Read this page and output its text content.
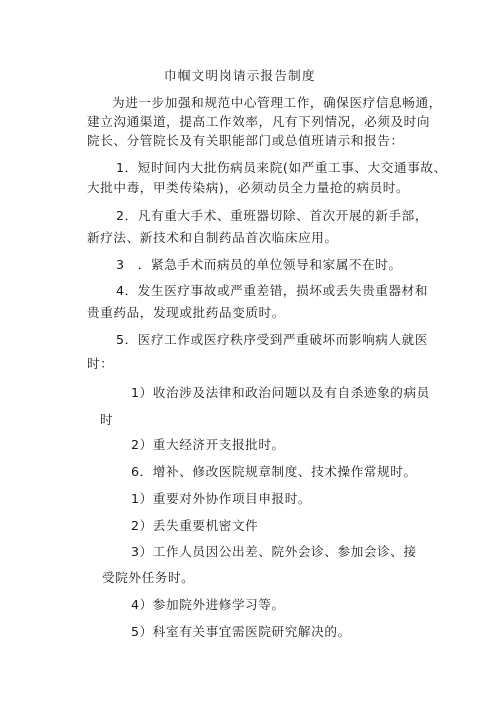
巾帼文明岗请示报告制度
为进一步加强和规范中心管理工作，确保医疗信息畅通，
建立沟通渠道，提高工作效率，凡有下列情况，必须及时向
院长、分管院长及有关职能部门或总值班请示和报告：
1．短时间内大批伤病员来院(如严重工事、大交通事故、
大批中毒，甲类传染病)，必须动员全力量抢的病员时。
2．凡有重大手术、重班器切除、首次开展的新手部，
新疗法、新技术和自制药品首次临床应用。
3　．紧急手术而病员的单位领导和家属不在时。
4．发生医疗事故或严重差错，损坏或丢失贵重器材和
贵重药品，发现或批药品变质时。
5．医疗工作或医疗秩序受到严重破坏而影响病人就医
时：
1）收治涉及法律和政治问题以及有自杀迹象的病员
时
2）重大经济开支报批时。
6．增补、修改医院规章制度、技术操作常规时。
1）重要对外协作项目申报时。
2）丢失重要机密文件
3）工作人员因公出差、院外会诊、参加会诊、接
受院外任务时。
4）参加院外进修学习等。
5）科室有关事宜需医院研究解决的。
